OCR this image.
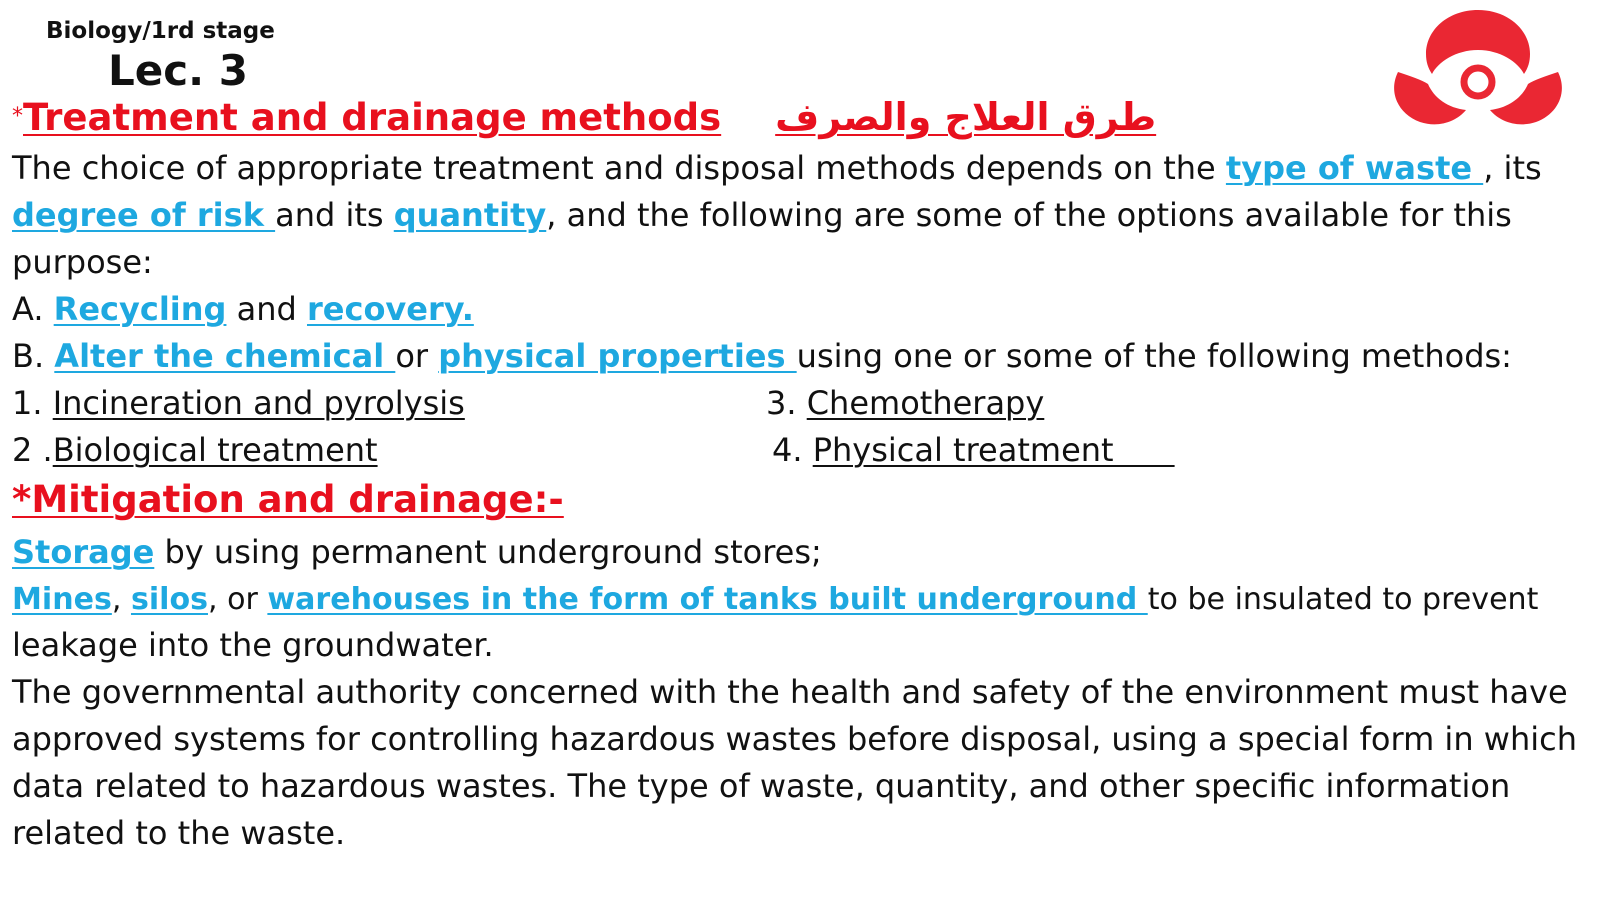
Biology/1rd stage
Lec. 3
*Treatment and drainage methods طرق العلاج والصرف
The choice of appropriate treatment and disposal methods depends on the type of waste , its
degree of risk and its quantity, and the following are some of the options available for this
purpose:
A. Recycling and recovery.
B. Alter the chemical or physical properties using one or some of the following methods:
1. Incineration and pyrolysis	3. Chemotherapy
2 .Biological treatment	4. Physical treatment
*Mitigation and drainage:-
Storage by using permanent underground stores;
Mines, silos, or warehouses in the form of tanks built underground to be insulated to prevent
leakage into the groundwater.
The governmental authority concerned with the health and safety of the environment must have
approved systems for controlling hazardous wastes before disposal, using a special form in which
data related to hazardous wastes. The type of waste, quantity, and other specific information
related to the waste.
